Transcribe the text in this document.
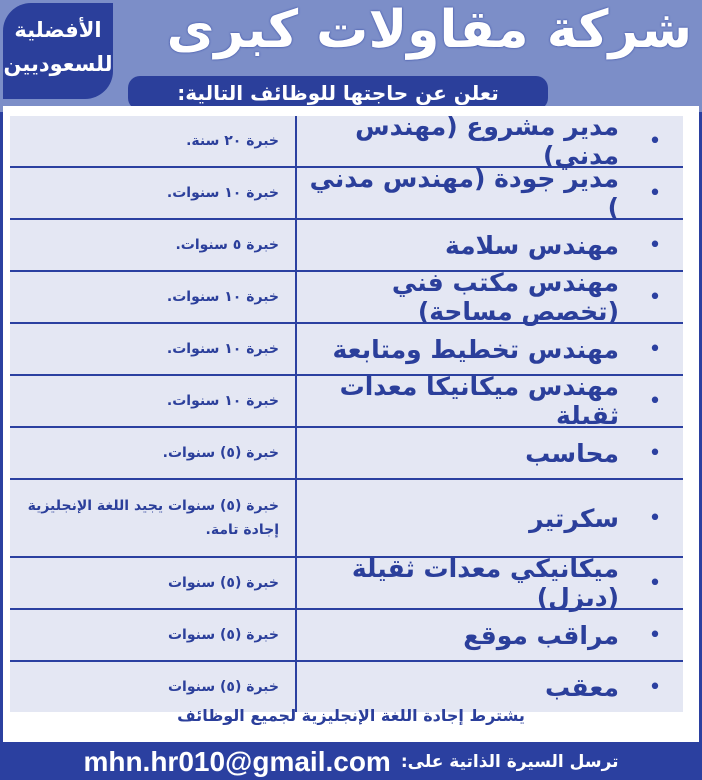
شركة مقاولات كبرى
الأفضلية
للسعوديين
تعلن عن حاجتها للوظائف التالية:
•
مدير مشروع (مهندس مدني)
خبرة ٢٠ سنة.
•
مدير جودة (مهندس مدني )
خبرة ١٠ سنوات.
•
مهندس سلامة
خبرة ٥ سنوات.
•
مهندس مكتب فني (تخصص مساحة)
خبرة ١٠ سنوات.
•
مهندس تخطيط ومتابعة
خبرة ١٠ سنوات.
•
مهندس ميكانيكا معدات ثقيلة
خبرة ١٠ سنوات.
•
محاسب
خبرة (٥) سنوات.
•
سكرتير
خبرة (٥) سنوات يجيد اللغة الإنجليزية إجادة تامة.
•
ميكانيكي معدات ثقيلة (ديزل)
خبرة (٥) سنوات
•
مراقب موقع
خبرة (٥) سنوات
•
معقب
خبرة (٥) سنوات
يشترط إجادة اللغة الإنجليزية لجميع الوظائف
ترسل السيرة الذاتية على:
mhn.hr010@gmail.com
